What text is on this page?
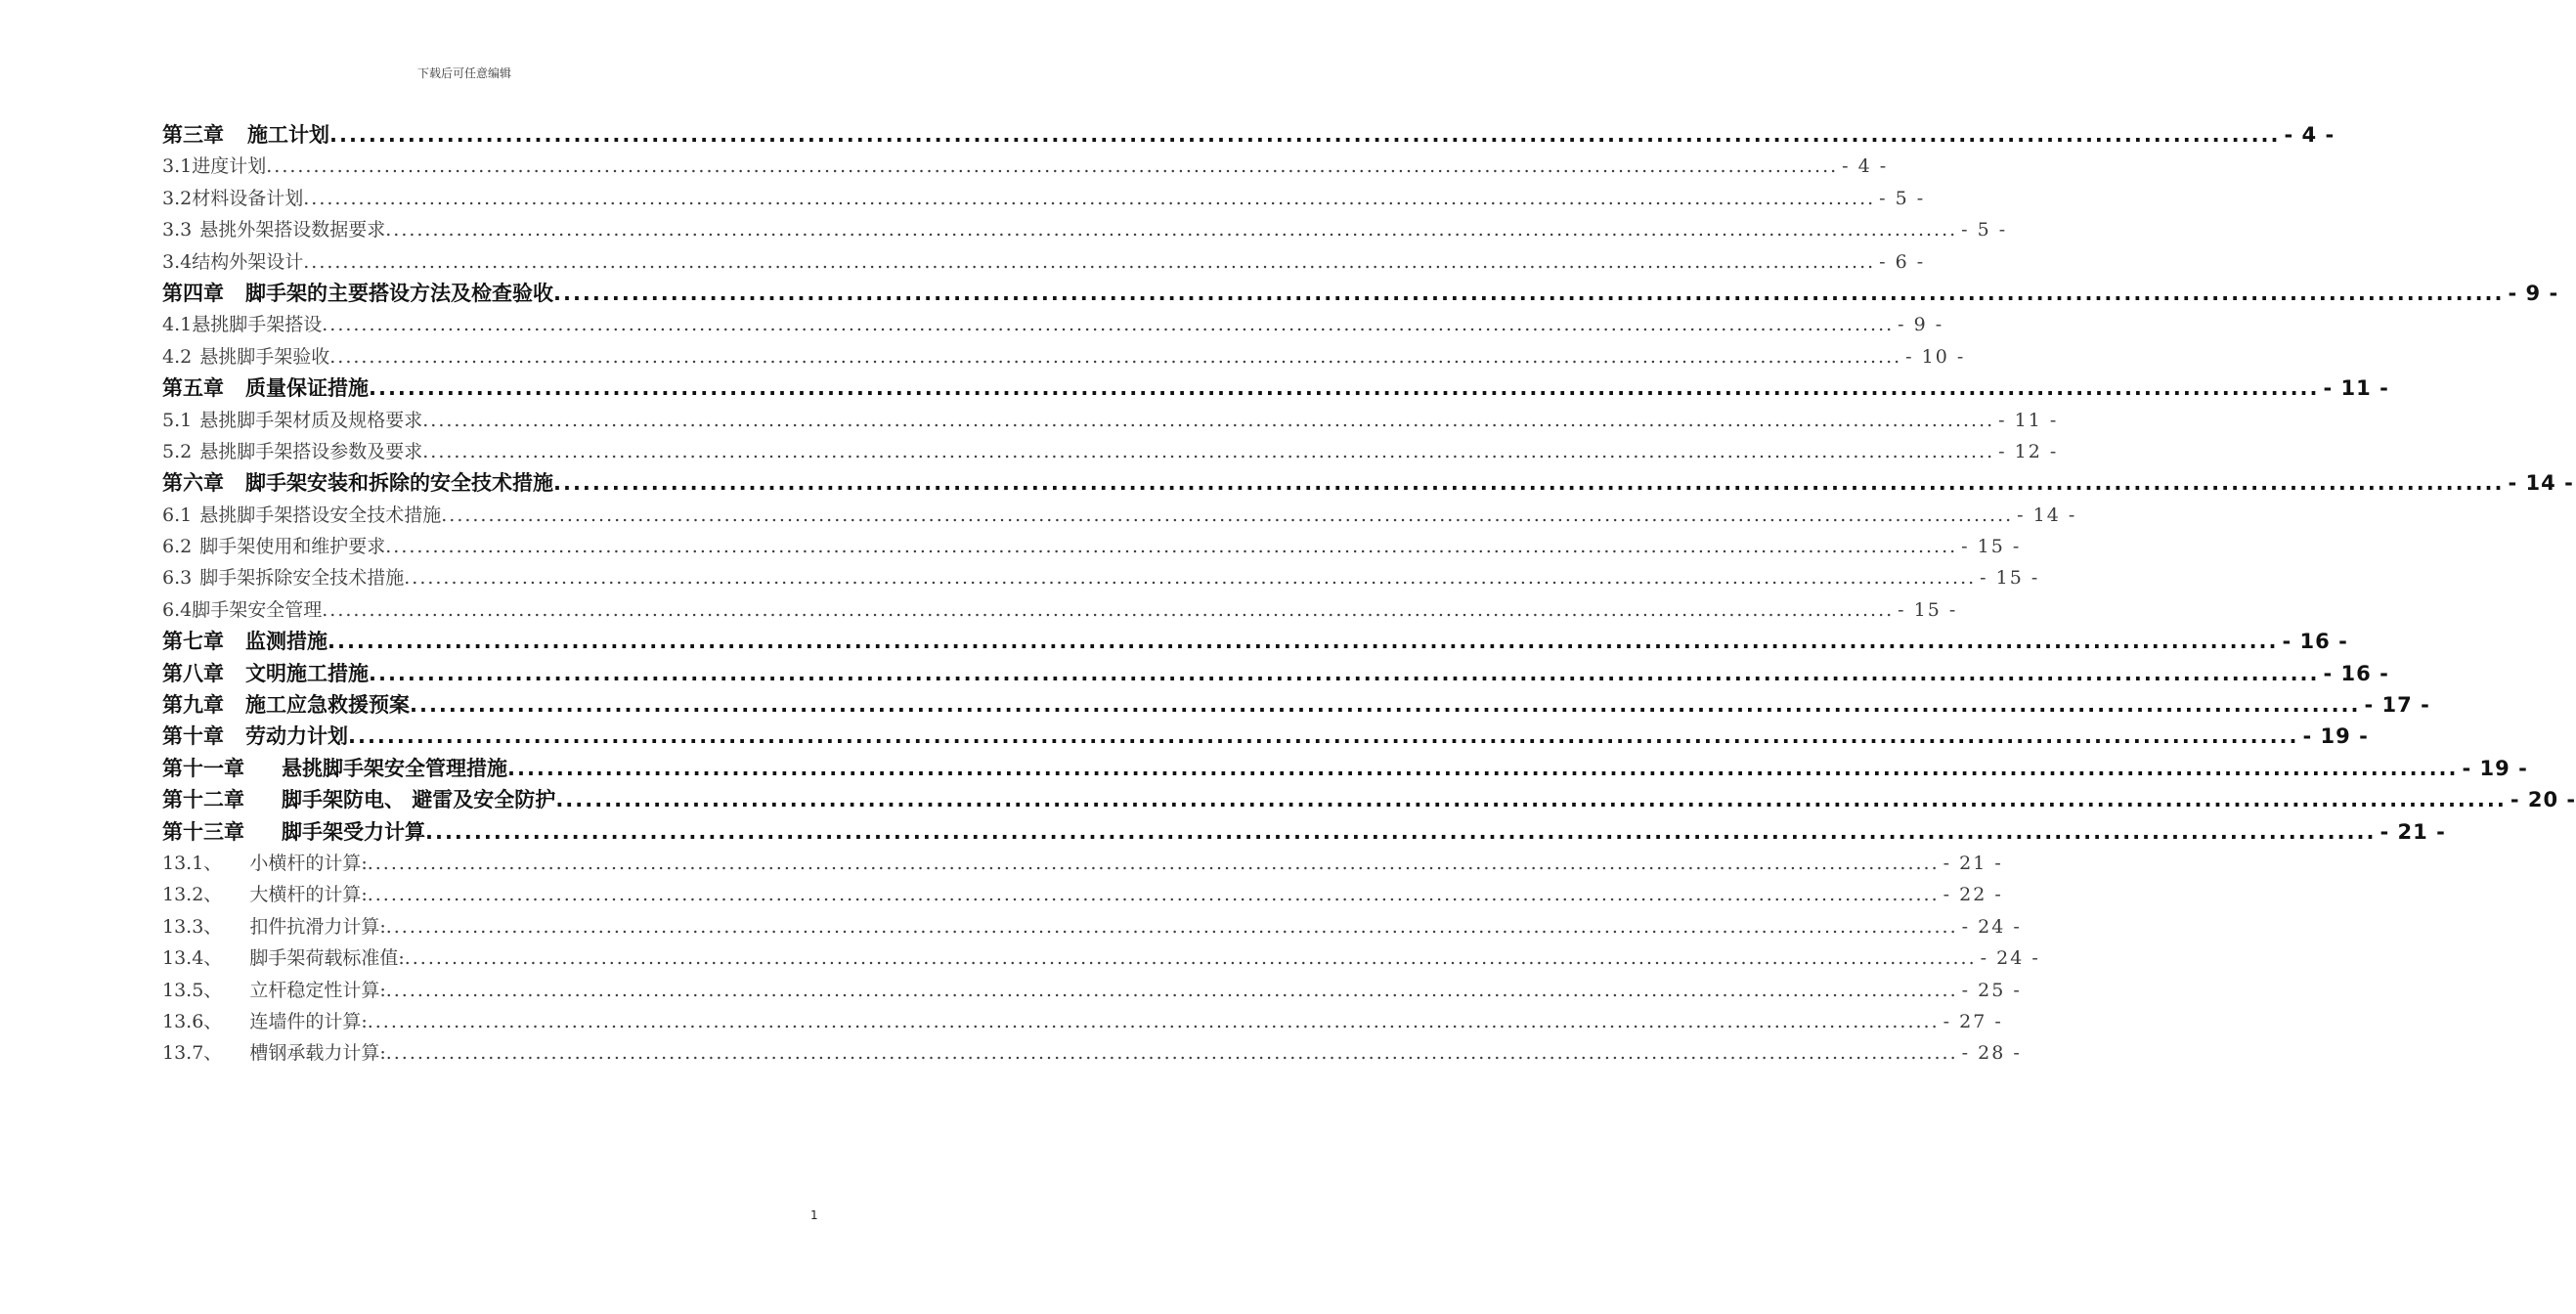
下载后可任意编辑
第三章 施工计划 ........................................................................................................................................................................................................ - 4 -
3.1 进度计划 ........................................................................................................................................................................................................ - 4 -
3.2 材料设备计划 ........................................................................................................................................................................................................ - 5 -
3.3 悬挑外架搭设数据要求 ........................................................................................................................................................................................................ - 5 -
3.4 结构外架设计 ........................................................................................................................................................................................................ - 6 -
第四章 脚手架的主要搭设方法及检查验收 ........................................................................................................................................................................................................ - 9 -
4.1 悬挑脚手架搭设 ........................................................................................................................................................................................................ - 9 -
4.2 悬挑脚手架验收 ........................................................................................................................................................................................................ - 10 -
第五章 质量保证措施 ........................................................................................................................................................................................................ - 11 -
5.1 悬挑脚手架材质及规格要求 ........................................................................................................................................................................................................ - 11 -
5.2 悬挑脚手架搭设参数及要求 ........................................................................................................................................................................................................ - 12 -
第六章 脚手架安装和拆除的安全技术措施 ........................................................................................................................................................................................................ - 14 -
6.1 悬挑脚手架搭设安全技术措施 ........................................................................................................................................................................................................ - 14 -
6.2 脚手架使用和维护要求 ........................................................................................................................................................................................................ - 15 -
6.3 脚手架拆除安全技术措施 ........................................................................................................................................................................................................ - 15 -
6.4 脚手架安全管理 ........................................................................................................................................................................................................ - 15 -
第七章 监测措施 ........................................................................................................................................................................................................ - 16 -
第八章 文明施工措施 ........................................................................................................................................................................................................ - 16 -
第九章 施工应急救援预案 ........................................................................................................................................................................................................ - 17 -
第十章 劳动力计划 ........................................................................................................................................................................................................ - 19 -
第十一章 悬挑脚手架安全管理措施 ........................................................................................................................................................................................................ - 19 -
第十二章 脚手架防电、 避雷及安全防护 ........................................................................................................................................................................................................ - 20 -
第十三章 脚手架受力计算 ........................................................................................................................................................................................................ - 21 -
13.1、 小横杆的计算: ........................................................................................................................................................................................................ - 21 -
13.2、 大横杆的计算: ........................................................................................................................................................................................................ - 22 -
13.3、 扣件抗滑力计算: ........................................................................................................................................................................................................ - 24 -
13.4、 脚手架荷载标准值: ........................................................................................................................................................................................................ - 24 -
13.5、 立杆稳定性计算: ........................................................................................................................................................................................................ - 25 -
13.6、 连墙件的计算: ........................................................................................................................................................................................................ - 27 -
13.7、 槽钢承载力计算: ........................................................................................................................................................................................................ - 28 -
1
